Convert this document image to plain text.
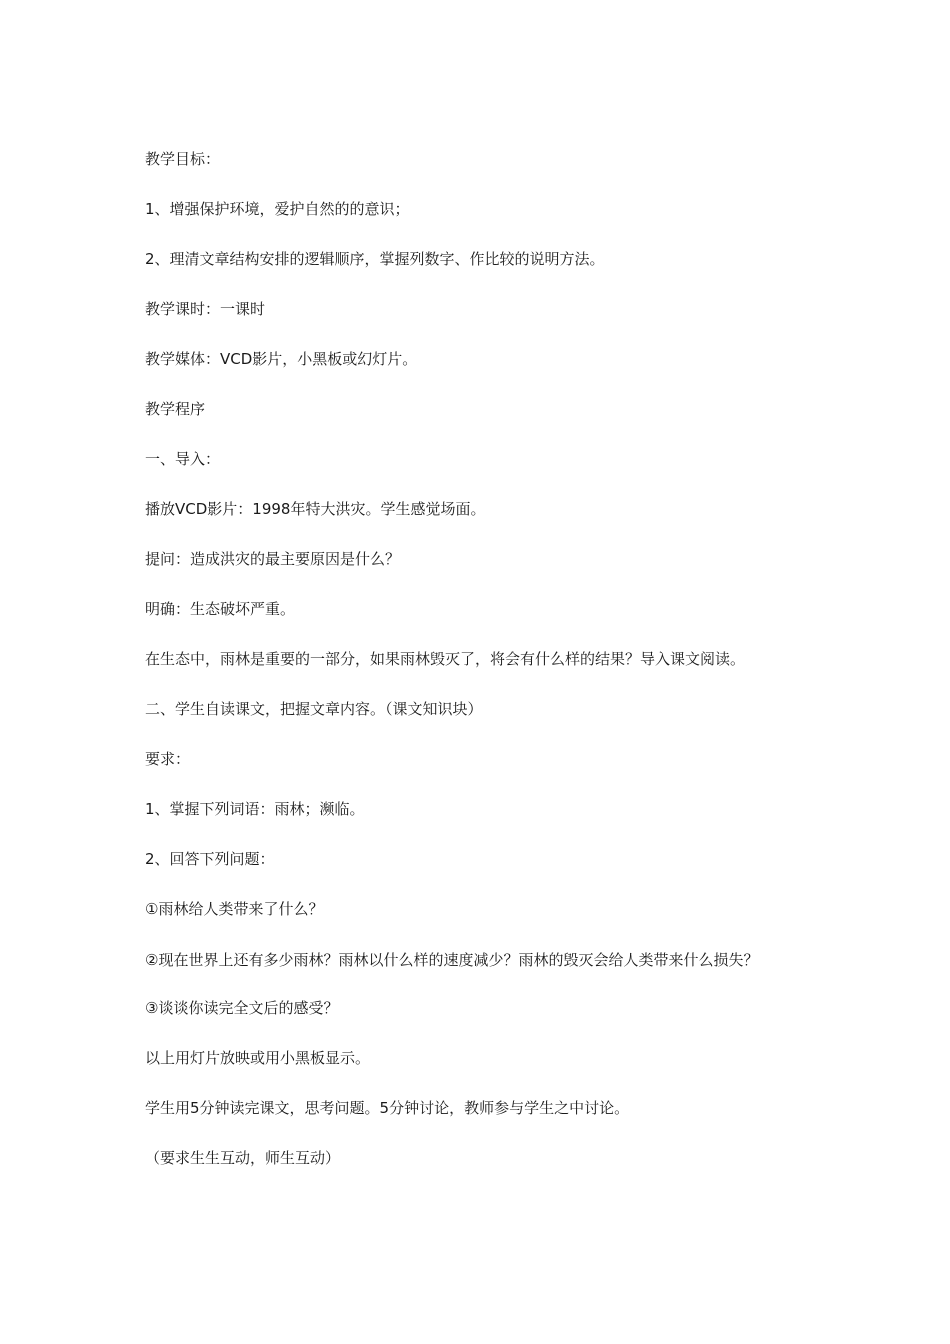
教学目标：

1、增强保护环境，爱护自然的的意识；

2、理清文章结构安排的逻辑顺序，掌握列数字、作比较的说明方法。

教学课时：一课时

教学媒体：VCD影片，小黑板或幻灯片。

教学程序

一、导入：

播放VCD影片：1998年特大洪灾。学生感觉场面。

提问：造成洪灾的最主要原因是什么？

明确：生态破坏严重。

在生态中，雨林是重要的一部分，如果雨林毁灭了，将会有什么样的结果？导入课文阅读。

二、学生自读课文，把握文章内容。（课文知识块）

要求：

1、掌握下列词语：雨林；濒临。

2、回答下列问题：

①雨林给人类带来了什么？

②现在世界上还有多少雨林？雨林以什么样的速度减少？雨林的毁灭会给人类带来什么损失？

③谈谈你读完全文后的感受？

以上用灯片放映或用小黑板显示。

学生用5分钟读完课文，思考问题。5分钟讨论，教师参与学生之中讨论。

（要求生生互动，师生互动）
